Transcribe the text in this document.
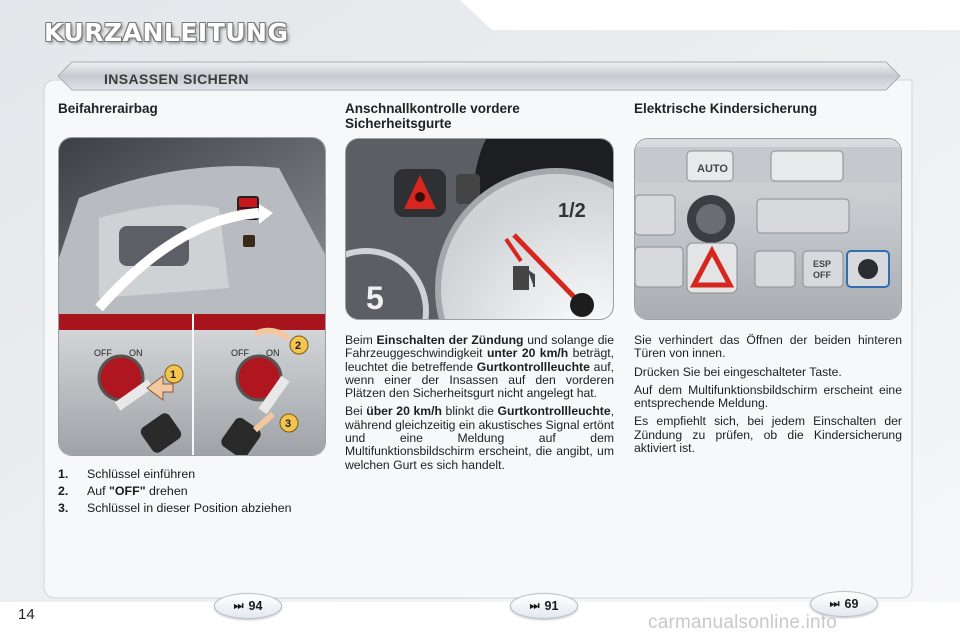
KURZANLEITUNG
INSASSEN SICHERN
Beifahrerairbag
OFF ON	OFF ON
1
2
3
1.	Schlüssel einführen
2.	Auf "OFF" drehen
3.	Schlüssel in dieser Position abziehen
Anschnallkontrolle vordere
Sicherheitsgurte
5
1/2

Beim Einschalten der Zündung und solange die Fahrzeuggeschwindigkeit unter 20 km/h beträgt, leuchtet die betreffende Gurtkontrollleuchte auf, wenn einer der Insassen auf den vorderen Plätzen den Sicherheitsgurt nicht angelegt hat.

Bei über 20 km/h blinkt die Gurtkontrollleuchte, während gleichzeitig ein akustisches Signal ertönt und eine Meldung auf dem Multifunktionsbildschirm erscheint, die angibt, um welchen Gurt es sich handelt.

Elektrische Kindersicherung
AUTO
ESP
OFF

Sie verhindert das Öffnen der beiden hinteren Türen von innen.

Drücken Sie bei eingeschalteter Taste.

Auf dem Multifunktionsbildschirm erscheint eine entsprechende Meldung.

Es empfiehlt sich, bei jedem Einschalten der Zündung zu prüfen, ob die Kindersicherung aktiviert ist.

⏭ 94	⏭ 91	⏭ 69
14	carmanualsonline.info
